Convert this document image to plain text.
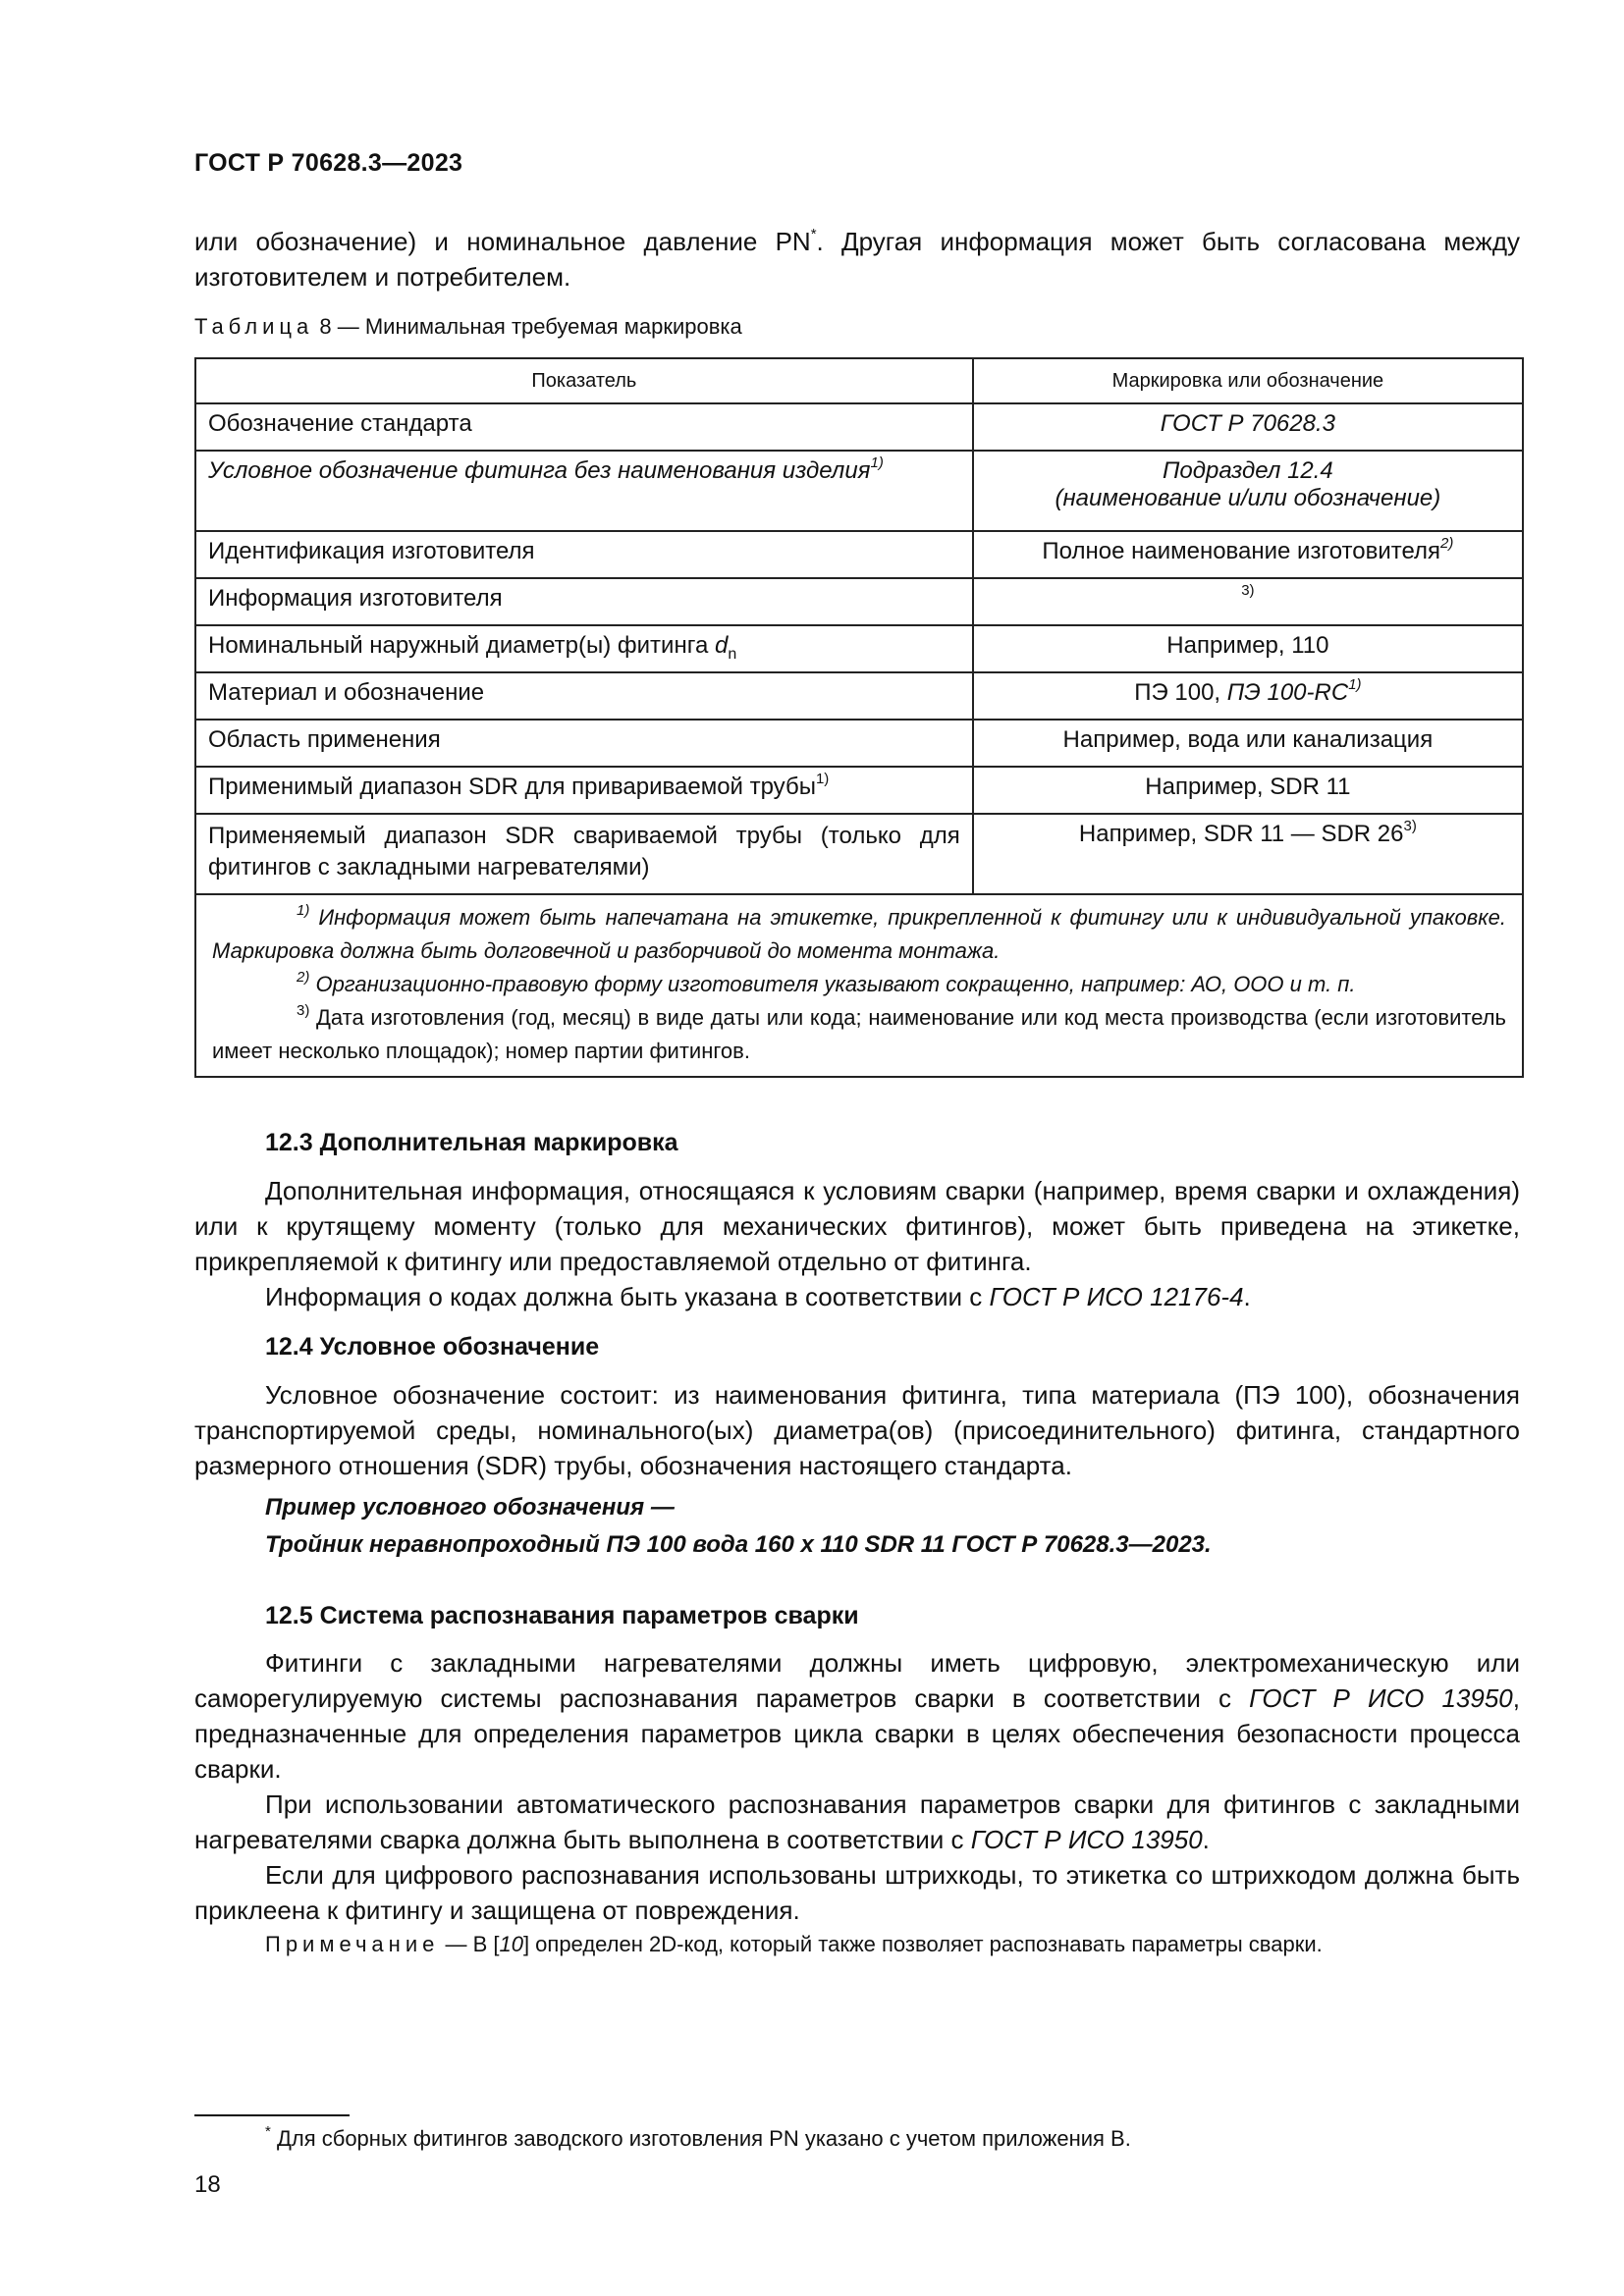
ГОСТ Р 70628.3—2023
или обозначение) и номинальное давление PN*. Другая информация может быть согласована между изготовителем и потребителем.
Таблица 8 — Минимальная требуемая маркировка
Показатель	Маркировка или обозначение
Обозначение стандарта	ГОСТ Р 70628.3
Условное обозначение фитинга без наименования изделия$^{1)}$	Подраздел 12.4
(наименование и/или обозначение)

Идентификация изготовителя	Полное наименование изготовителя$^{2)}$
Информация изготовителя	$^{3)}$
Номинальный наружный диаметр(ы) фитинга $d_n$	Например, 110
Материал и обозначение	ПЭ 100, ПЭ 100-RC$^{1)}$
Область применения	Например, вода или канализация
Применимый диапазон SDR для привариваемой трубы$^{1)}$	Например, SDR 11
Применяемый диапазон SDR свариваемой трубы (только для фитингов с закладными нагревателями)	Например, SDR 11 — SDR 26$^{3)}$

$^{1)}$ Информация может быть напечатана на этикетке, прикрепленной к фитингу или к индивидуальной упаковке. Маркировка должна быть долговечной и разборчивой до момента монтажа.
$^{2)}$ Организационно-правовую форму изготовителя указывают сокращенно, например: АО, ООО и т. п.
$^{3)}$ Дата изготовления (год, месяц) в виде даты или кода; наименование или код места производства (если изготовитель имеет несколько площадок); номер партии фитингов.	
12.3 Дополнительная маркировка
Дополнительная информация, относящаяся к условиям сварки (например, время сварки и охлаждения) или к крутящему моменту (только для механических фитингов), может быть приведена на этикетке, прикрепляемой к фитингу или предоставляемой отдельно от фитинга.
Информация о кодах должна быть указана в соответствии с ГОСТ Р ИСО 12176-4.
12.4 Условное обозначение
Условное обозначение состоит: из наименования фитинга, типа материала (ПЭ 100), обозначения транспортируемой среды, номинального(ых) диаметра(ов) (присоединительного) фитинга, стандартного размерного отношения (SDR) трубы, обозначения настоящего стандарта.
Пример условного обозначения —
Тройник неравнопроходный ПЭ 100 вода 160 х 110 SDR 11 ГОСТ Р 70628.3—2023.
12.5 Система распознавания параметров сварки
Фитинги с закладными нагревателями должны иметь цифровую, электромеханическую или саморегулируемую системы распознавания параметров сварки в соответствии с ГОСТ Р ИСО 13950, предназначенные для определения параметров цикла сварки в целях обеспечения безопасности процесса сварки.
При использовании автоматического распознавания параметров сварки для фитингов с закладными нагревателями сварка должна быть выполнена в соответствии с ГОСТ Р ИСО 13950.
Если для цифрового распознавания использованы штрихкоды, то этикетка со штрихкодом должна быть приклеена к фитингу и защищена от повреждения.
Примечание — В [10] определен 2D-код, который также позволяет распознавать параметры сварки.
* Для сборных фитингов заводского изготовления PN указано с учетом приложения В.
18
